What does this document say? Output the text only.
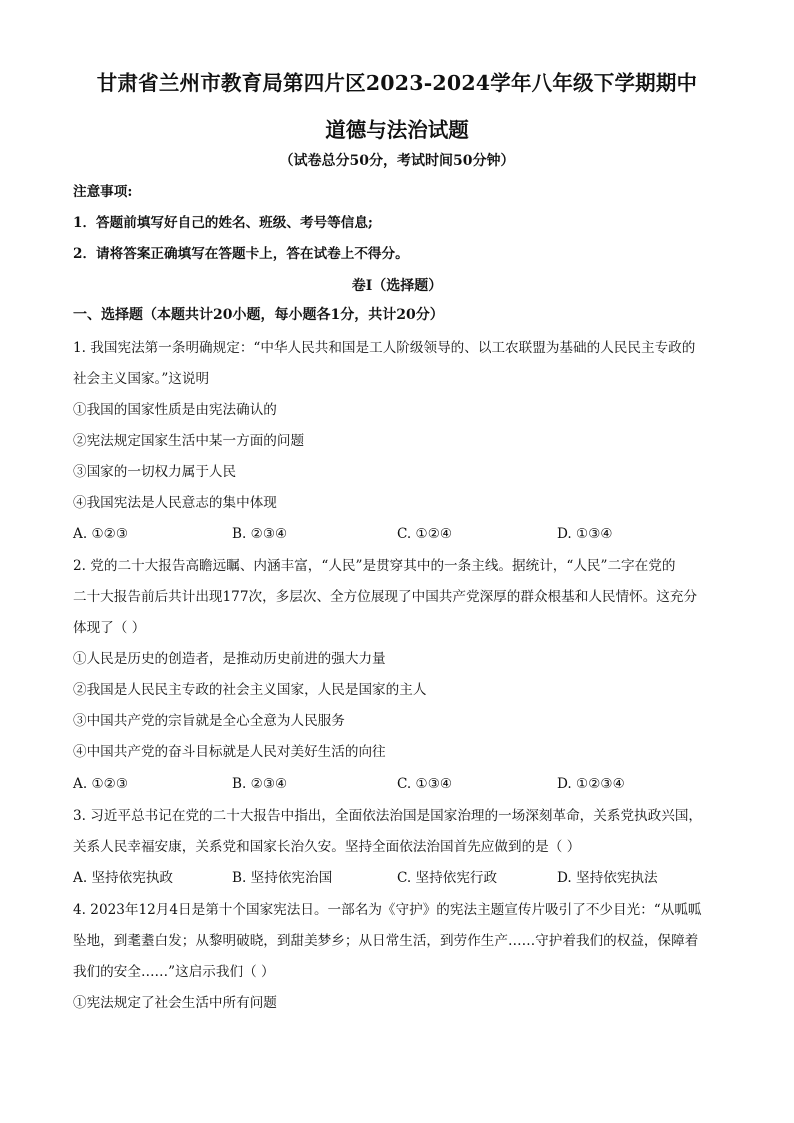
甘肃省兰州市教育局第四片区2023-2024学年八年级下学期期中
道德与法治试题
（试卷总分50分，考试时间50分钟）
注意事项:
1．答题前填写好自己的姓名、班级、考号等信息;
2．请将答案正确填写在答题卡上，答在试卷上不得分。
卷Ⅰ（选择题）
一、选择题（本题共计20小题，每小题各1分，共计20分）
1. 我国宪法第一条明确规定：“中华人民共和国是工人阶级领导的、以工农联盟为基础的人民民主专政的
社会主义国家。”这说明
①我国的国家性质是由宪法确认的
②宪法规定国家生活中某一方面的问题
③国家的一切权力属于人民
④我国宪法是人民意志的集中体现
A. ①②③	B. ②③④	C. ①②④	D. ①③④
2. 党的二十大报告高瞻远瞩、内涵丰富，“人民”是贯穿其中的一条主线。据统计，“人民”二字在党的
二十大报告前后共计出现177次，多层次、全方位展现了中国共产党深厚的群众根基和人民情怀。这充分
体现了（ ）
①人民是历史的创造者，是推动历史前进的强大力量
②我国是人民民主专政的社会主义国家，人民是国家的主人
③中国共产党的宗旨就是全心全意为人民服务
④中国共产党的奋斗目标就是人民对美好生活的向往
A. ①②③	B. ②③④	C. ①③④	D. ①②③④
3. 习近平总书记在党的二十大报告中指出，全面依法治国是国家治理的一场深刻革命，关系党执政兴国，
关系人民幸福安康，关系党和国家长治久安。坚持全面依法治国首先应做到的是（ ）
A. 坚持依宪执政	B. 坚持依宪治国	C. 坚持依宪行政	D. 坚持依宪执法
4. 2023年12月4日是第十个国家宪法日。一部名为《守护》的宪法主题宣传片吸引了不少目光：“从呱呱
坠地，到耄耋白发；从黎明破晓，到甜美梦乡；从日常生活，到劳作生产……守护着我们的权益，保障着
我们的安全……”这启示我们（ ）
①宪法规定了社会生活中所有问题
